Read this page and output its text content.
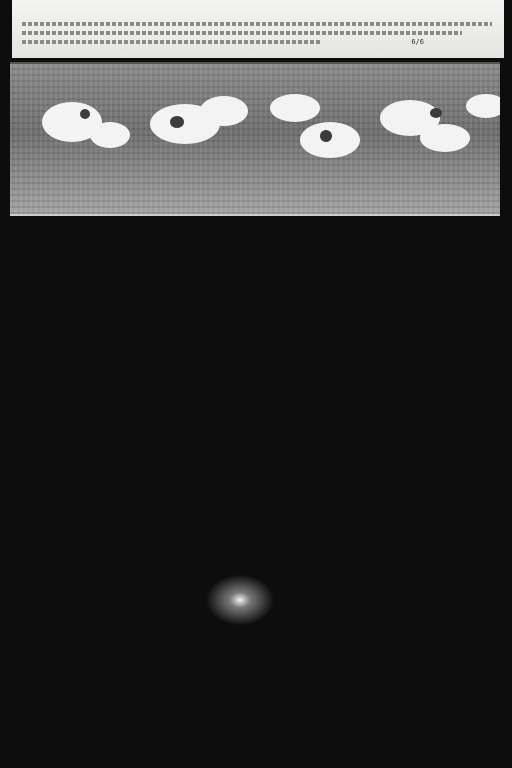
6/6
